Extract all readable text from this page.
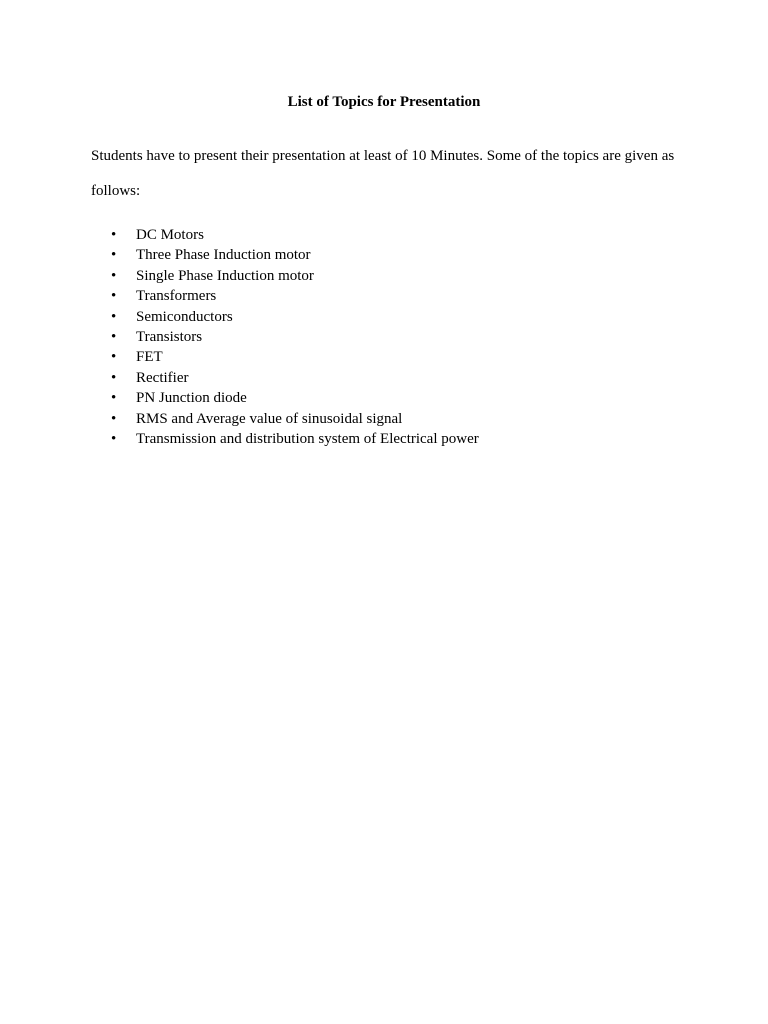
List of Topics for Presentation

Students have to present their presentation at least of 10 Minutes. Some of the topics are given as
follows:

• DC Motors
• Three Phase Induction motor
• Single Phase Induction motor
• Transformers
• Semiconductors
• Transistors
• FET
• Rectifier
• PN Junction diode
• RMS and Average value of sinusoidal signal
• Transmission and distribution system of Electrical power
